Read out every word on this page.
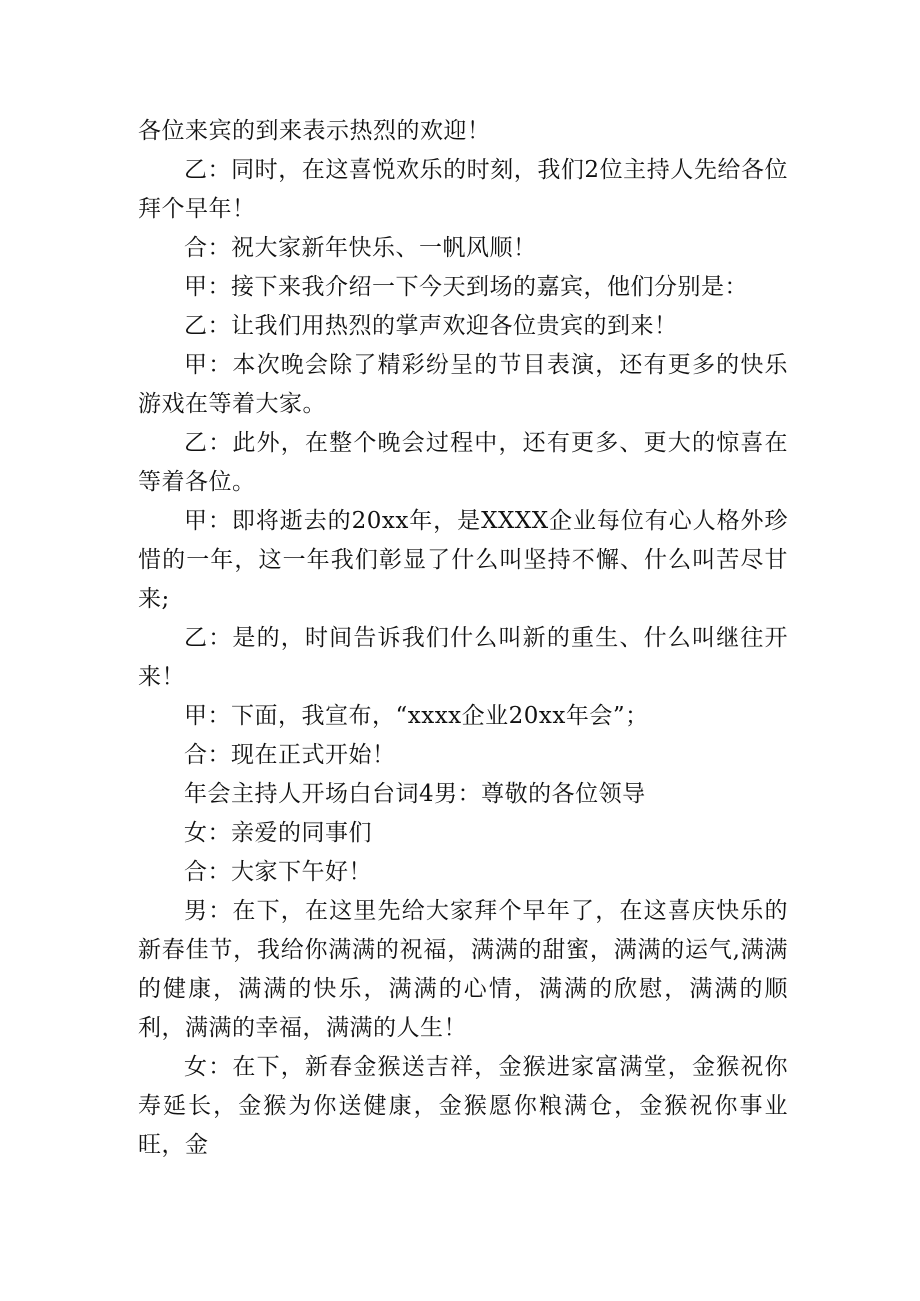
各位来宾的到来表示热烈的欢迎！

乙：同时，在这喜悦欢乐的时刻，我们2位主持人先给各位拜个早年！

合：祝大家新年快乐、一帆风顺！

甲：接下来我介绍一下今天到场的嘉宾，他们分别是：

乙：让我们用热烈的掌声欢迎各位贵宾的到来！

甲：本次晚会除了精彩纷呈的节目表演，还有更多的快乐游戏在等着大家。

乙：此外，在整个晚会过程中，还有更多、更大的惊喜在等着各位。

甲：即将逝去的20xx年，是XXXX企业每位有心人格外珍惜的一年，这一年我们彰显了什么叫坚持不懈、什么叫苦尽甘来;

乙：是的，时间告诉我们什么叫新的重生、什么叫继往开来！

甲：下面，我宣布，“xxxx企业20xx年会”；

合：现在正式开始！

年会主持人开场白台词4男：尊敬的各位领导

女：亲爱的同事们

合：大家下午好！

男：在下，在这里先给大家拜个早年了，在这喜庆快乐的新春佳节，我给你满满的祝福，满满的甜蜜，满满的运气,满满的健康，满满的快乐，满满的心情，满满的欣慰，满满的顺利，满满的幸福，满满的人生！

女：在下，新春金猴送吉祥，金猴进家富满堂，金猴祝你寿延长，金猴为你送健康，金猴愿你粮满仓，金猴祝你事业旺，金
